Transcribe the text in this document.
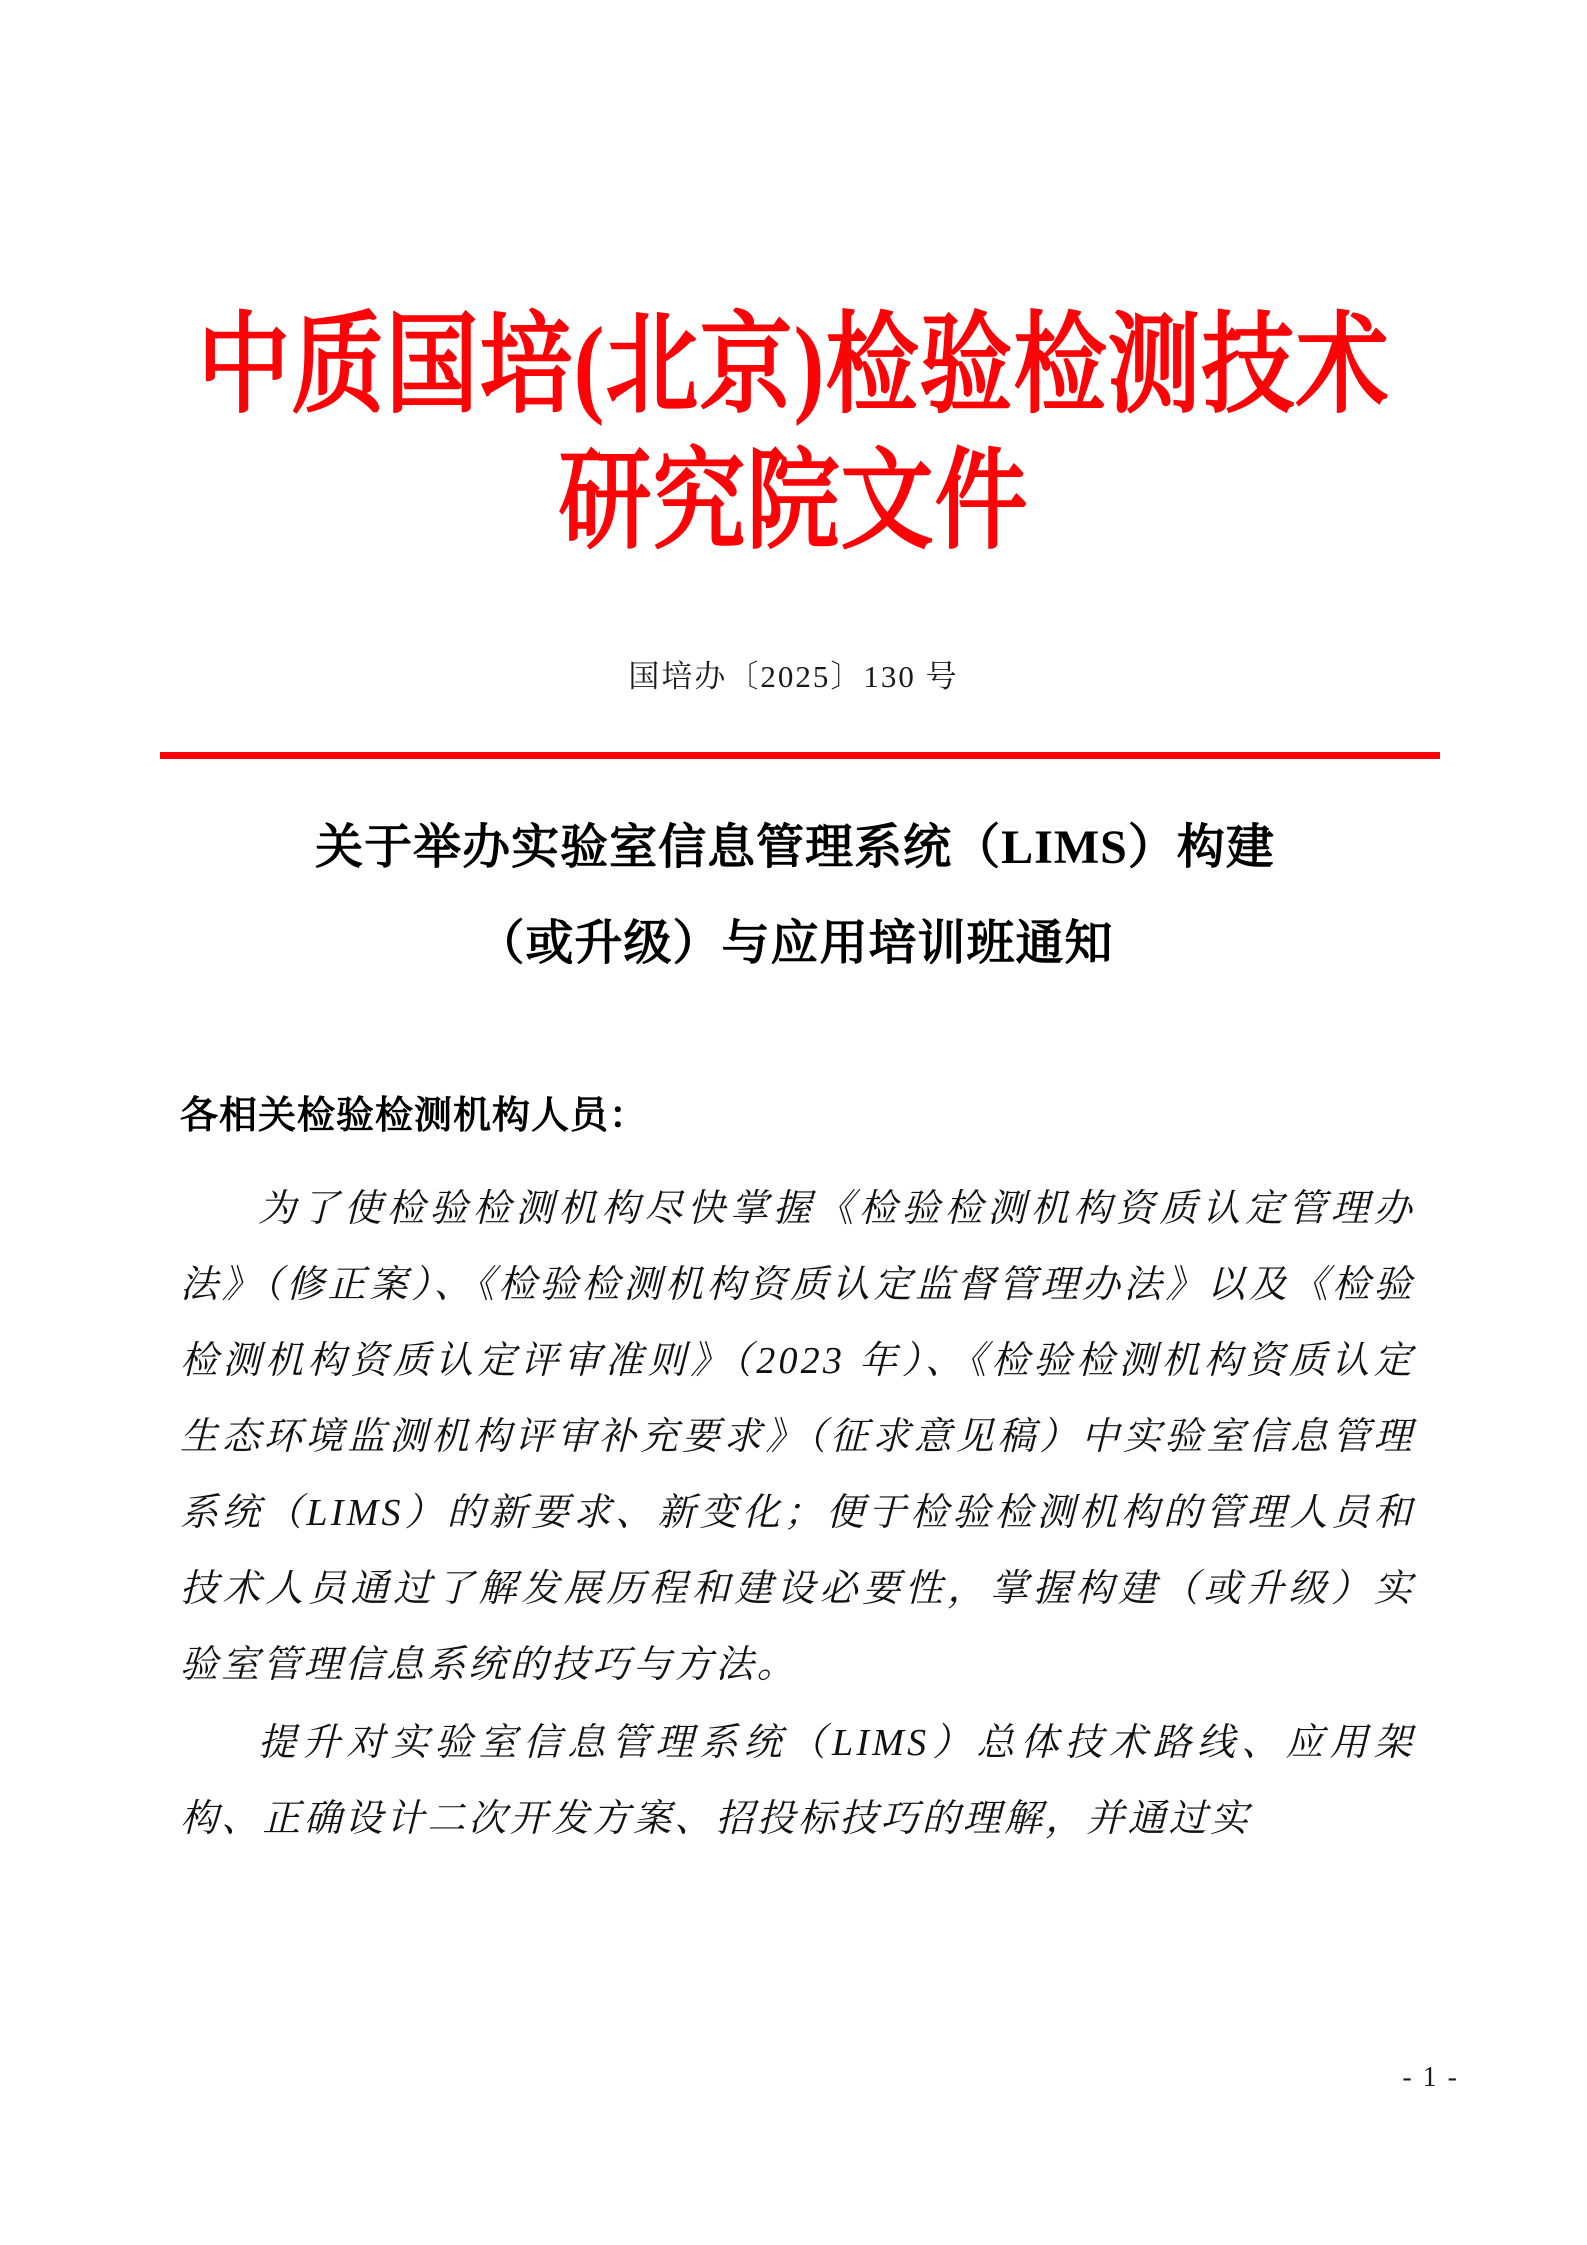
中质国培(北京)检验检测技术
研究院文件
国培办〔2025〕130 号
关于举办实验室信息管理系统（LIMS）构建
（或升级）与应用培训班通知
各相关检验检测机构人员：

为了使检验检测机构尽快掌握《检验检测机构资质认定管理办法》（修正案）、《检验检测机构资质认定监督管理办法》以及《检验检测机构资质认定评审准则》（2023 年）、《检验检测机构资质认定生态环境监测机构评审补充要求》（征求意见稿）中实验室信息管理系统（LIMS）的新要求、新变化；便于检验检测机构的管理人员和技术人员通过了解发展历程和建设必要性，掌握构建（或升级）实验室管理信息系统的技巧与方法。

提升对实验室信息管理系统（LIMS）总体技术路线、应用架构、正确设计二次开发方案、招投标技巧的理解，并通过实

- 1 -
